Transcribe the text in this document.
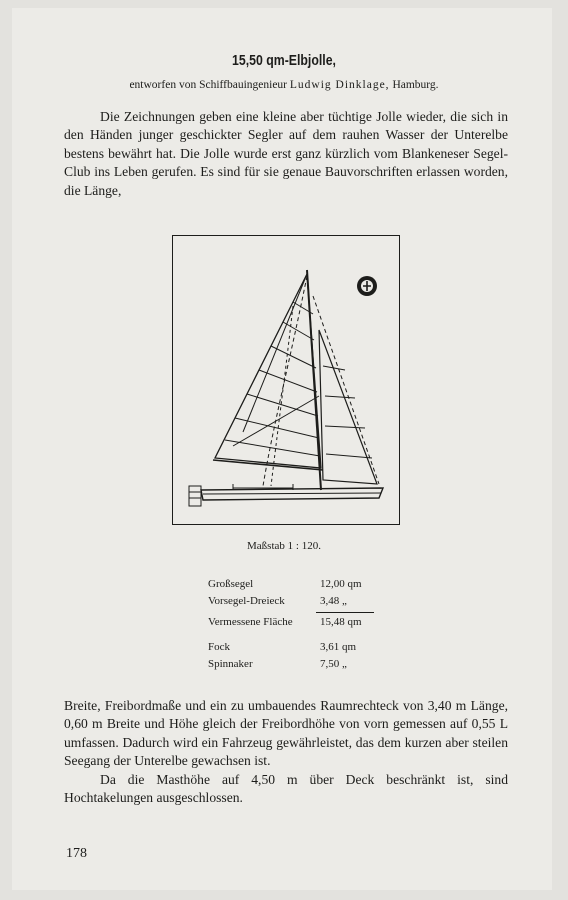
15,50 qm-Elbjolle,
entworfen von Schiffbauingenieur Ludwig Dinklage, Hamburg.

Die Zeichnungen geben eine kleine aber tüchtige Jolle wieder, die sich in den Händen junger geschickter Segler auf dem rauhen Wasser der Unterelbe bestens bewährt hat. Die Jolle wurde erst ganz kürzlich vom Blankeneser Segel-Club ins Leben gerufen. Es sind für sie genaue Bauvorschriften erlassen worden, die Länge,

Maßstab 1 : 120.
Großsegel	12,00 qm
Vorsegel-Dreieck	3,48 „
Vermessene Fläche 15,48 qm
Fock	3,61 qm
Spinnaker	7,50 „

Breite, Freibordmaße und ein zu umbauendes Raumrechteck von 3,40 m Länge, 0,60 m Breite und Höhe gleich der Freibordhöhe von vorn gemessen auf 0,55 L umfassen. Dadurch wird ein Fahrzeug gewährleistet, das dem kurzen aber steilen Seegang der Unterelbe gewachsen ist.
Da die Masthöhe auf 4,50 m über Deck beschränkt ist, sind Hochtakelungen ausgeschlossen.

178
